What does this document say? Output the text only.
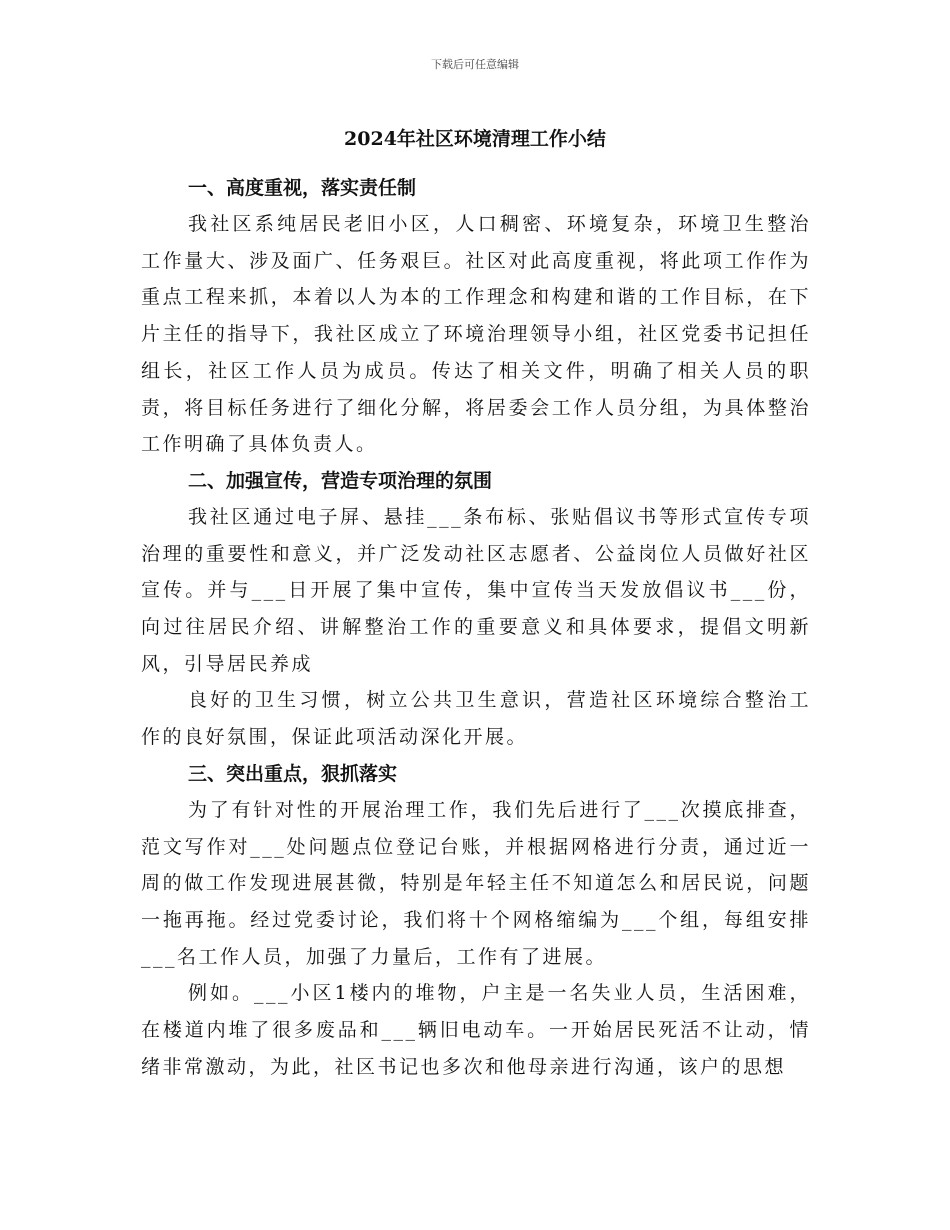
下载后可任意编辑
2024年社区环境清理工作小结
一、高度重视，落实责任制

我社区系纯居民老旧小区，人口稠密、环境复杂，环境卫生整治工作量大、涉及面广、任务艰巨。社区对此高度重视，将此项工作作为重点工程来抓，本着以人为本的工作理念和构建和谐的工作目标，在下片主任的指导下，我社区成立了环境治理领导小组，社区党委书记担任组长，社区工作人员为成员。传达了相关文件，明确了相关人员的职责，将目标任务进行了细化分解，将居委会工作人员分组，为具体整治工作明确了具体负责人。

二、加强宣传，营造专项治理的氛围

我社区通过电子屏、悬挂___条布标、张贴倡议书等形式宣传专项治理的重要性和意义，并广泛发动社区志愿者、公益岗位人员做好社区宣传。并与___日开展了集中宣传，集中宣传当天发放倡议书___份，向过往居民介绍、讲解整治工作的重要意义和具体要求，提倡文明新风，引导居民养成

良好的卫生习惯，树立公共卫生意识，营造社区环境综合整治工作的良好氛围，保证此项活动深化开展。

三、突出重点，狠抓落实

为了有针对性的开展治理工作，我们先后进行了___次摸底排查，范文写作对___处问题点位登记台账，并根据网格进行分责，通过近一周的做工作发现进展甚微，特别是年轻主任不知道怎么和居民说，问题一拖再拖。经过党委讨论，我们将十个网格缩编为___个组，每组安排___名工作人员，加强了力量后，工作有了进展。

例如。___小区1楼内的堆物，户主是一名失业人员，生活困难，在楼道内堆了很多废品和___辆旧电动车。一开始居民死活不让动，情绪非常激动，为此，社区书记也多次和他母亲进行沟通，该户的思想
